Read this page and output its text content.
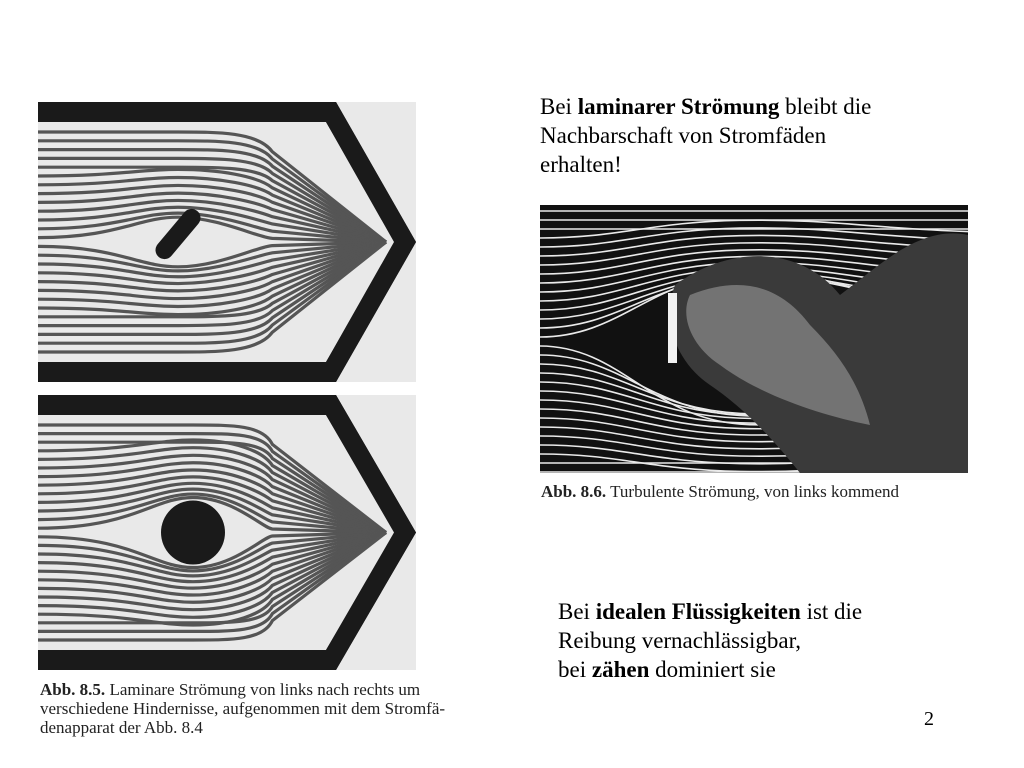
Abb. 8.5. Laminare Strömung von links nach rechts um
verschiedene Hindernisse, aufgenommen mit dem Stromfä-
denapparat der Abb. 8.4
Bei laminarer Strömung bleibt die
Nachbarschaft von Stromfäden
erhalten!
Abb. 8.6. Turbulente Strömung, von links kommend
Bei idealen Flüssigkeiten ist die
Reibung vernachlässigbar,
bei zähen dominiert sie
2
